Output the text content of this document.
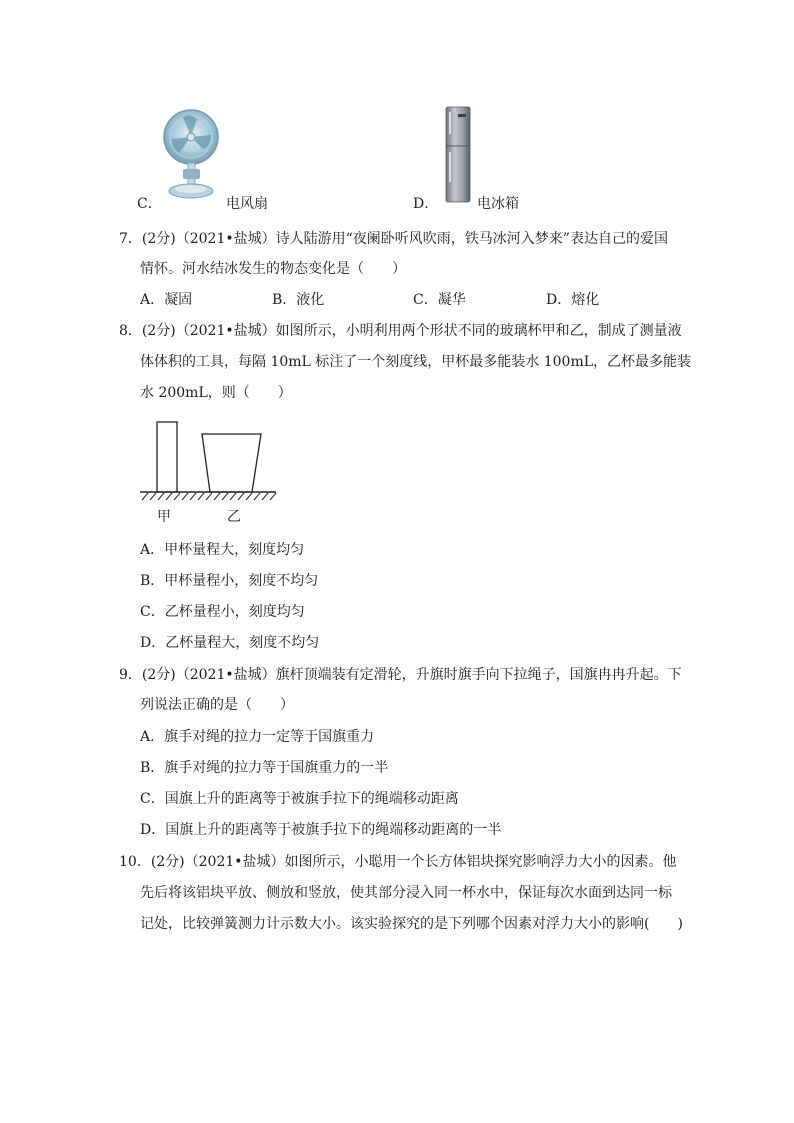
C．	电风扇	D．	电冰箱
7．(2分)（2021•盐城）诗人陆游用“夜阑卧听风吹雨，铁马冰河入梦来”表达自己的爱国
情怀。河水结冰发生的物态变化是（　　）
A．凝固	B．液化	C．凝华	D．熔化
8．(2分)（2021•盐城）如图所示，小明利用两个形状不同的玻璃杯甲和乙，制成了测量液
体体积的工具，每隔 10mL 标注了一个刻度线，甲杯最多能装水 100mL，乙杯最多能装
水 200mL，则（　　）
甲	乙
A．甲杯量程大，刻度均匀
B．甲杯量程小，刻度不均匀
C．乙杯量程小，刻度均匀
D．乙杯量程大，刻度不均匀
9．(2分)（2021•盐城）旗杆顶端装有定滑轮，升旗时旗手向下拉绳子，国旗冉冉升起。下
列说法正确的是（　　）
A．旗手对绳的拉力一定等于国旗重力
B．旗手对绳的拉力等于国旗重力的一半
C．国旗上升的距离等于被旗手拉下的绳端移动距离
D．国旗上升的距离等于被旗手拉下的绳端移动距离的一半
10．(2分)（2021•盐城）如图所示，小聪用一个长方体铝块探究影响浮力大小的因素。他
先后将该铝块平放、侧放和竖放，使其部分浸入同一杯水中，保证每次水面到达同一标
记处，比较弹簧测力计示数大小。该实验探究的是下列哪个因素对浮力大小的影响(　　)
